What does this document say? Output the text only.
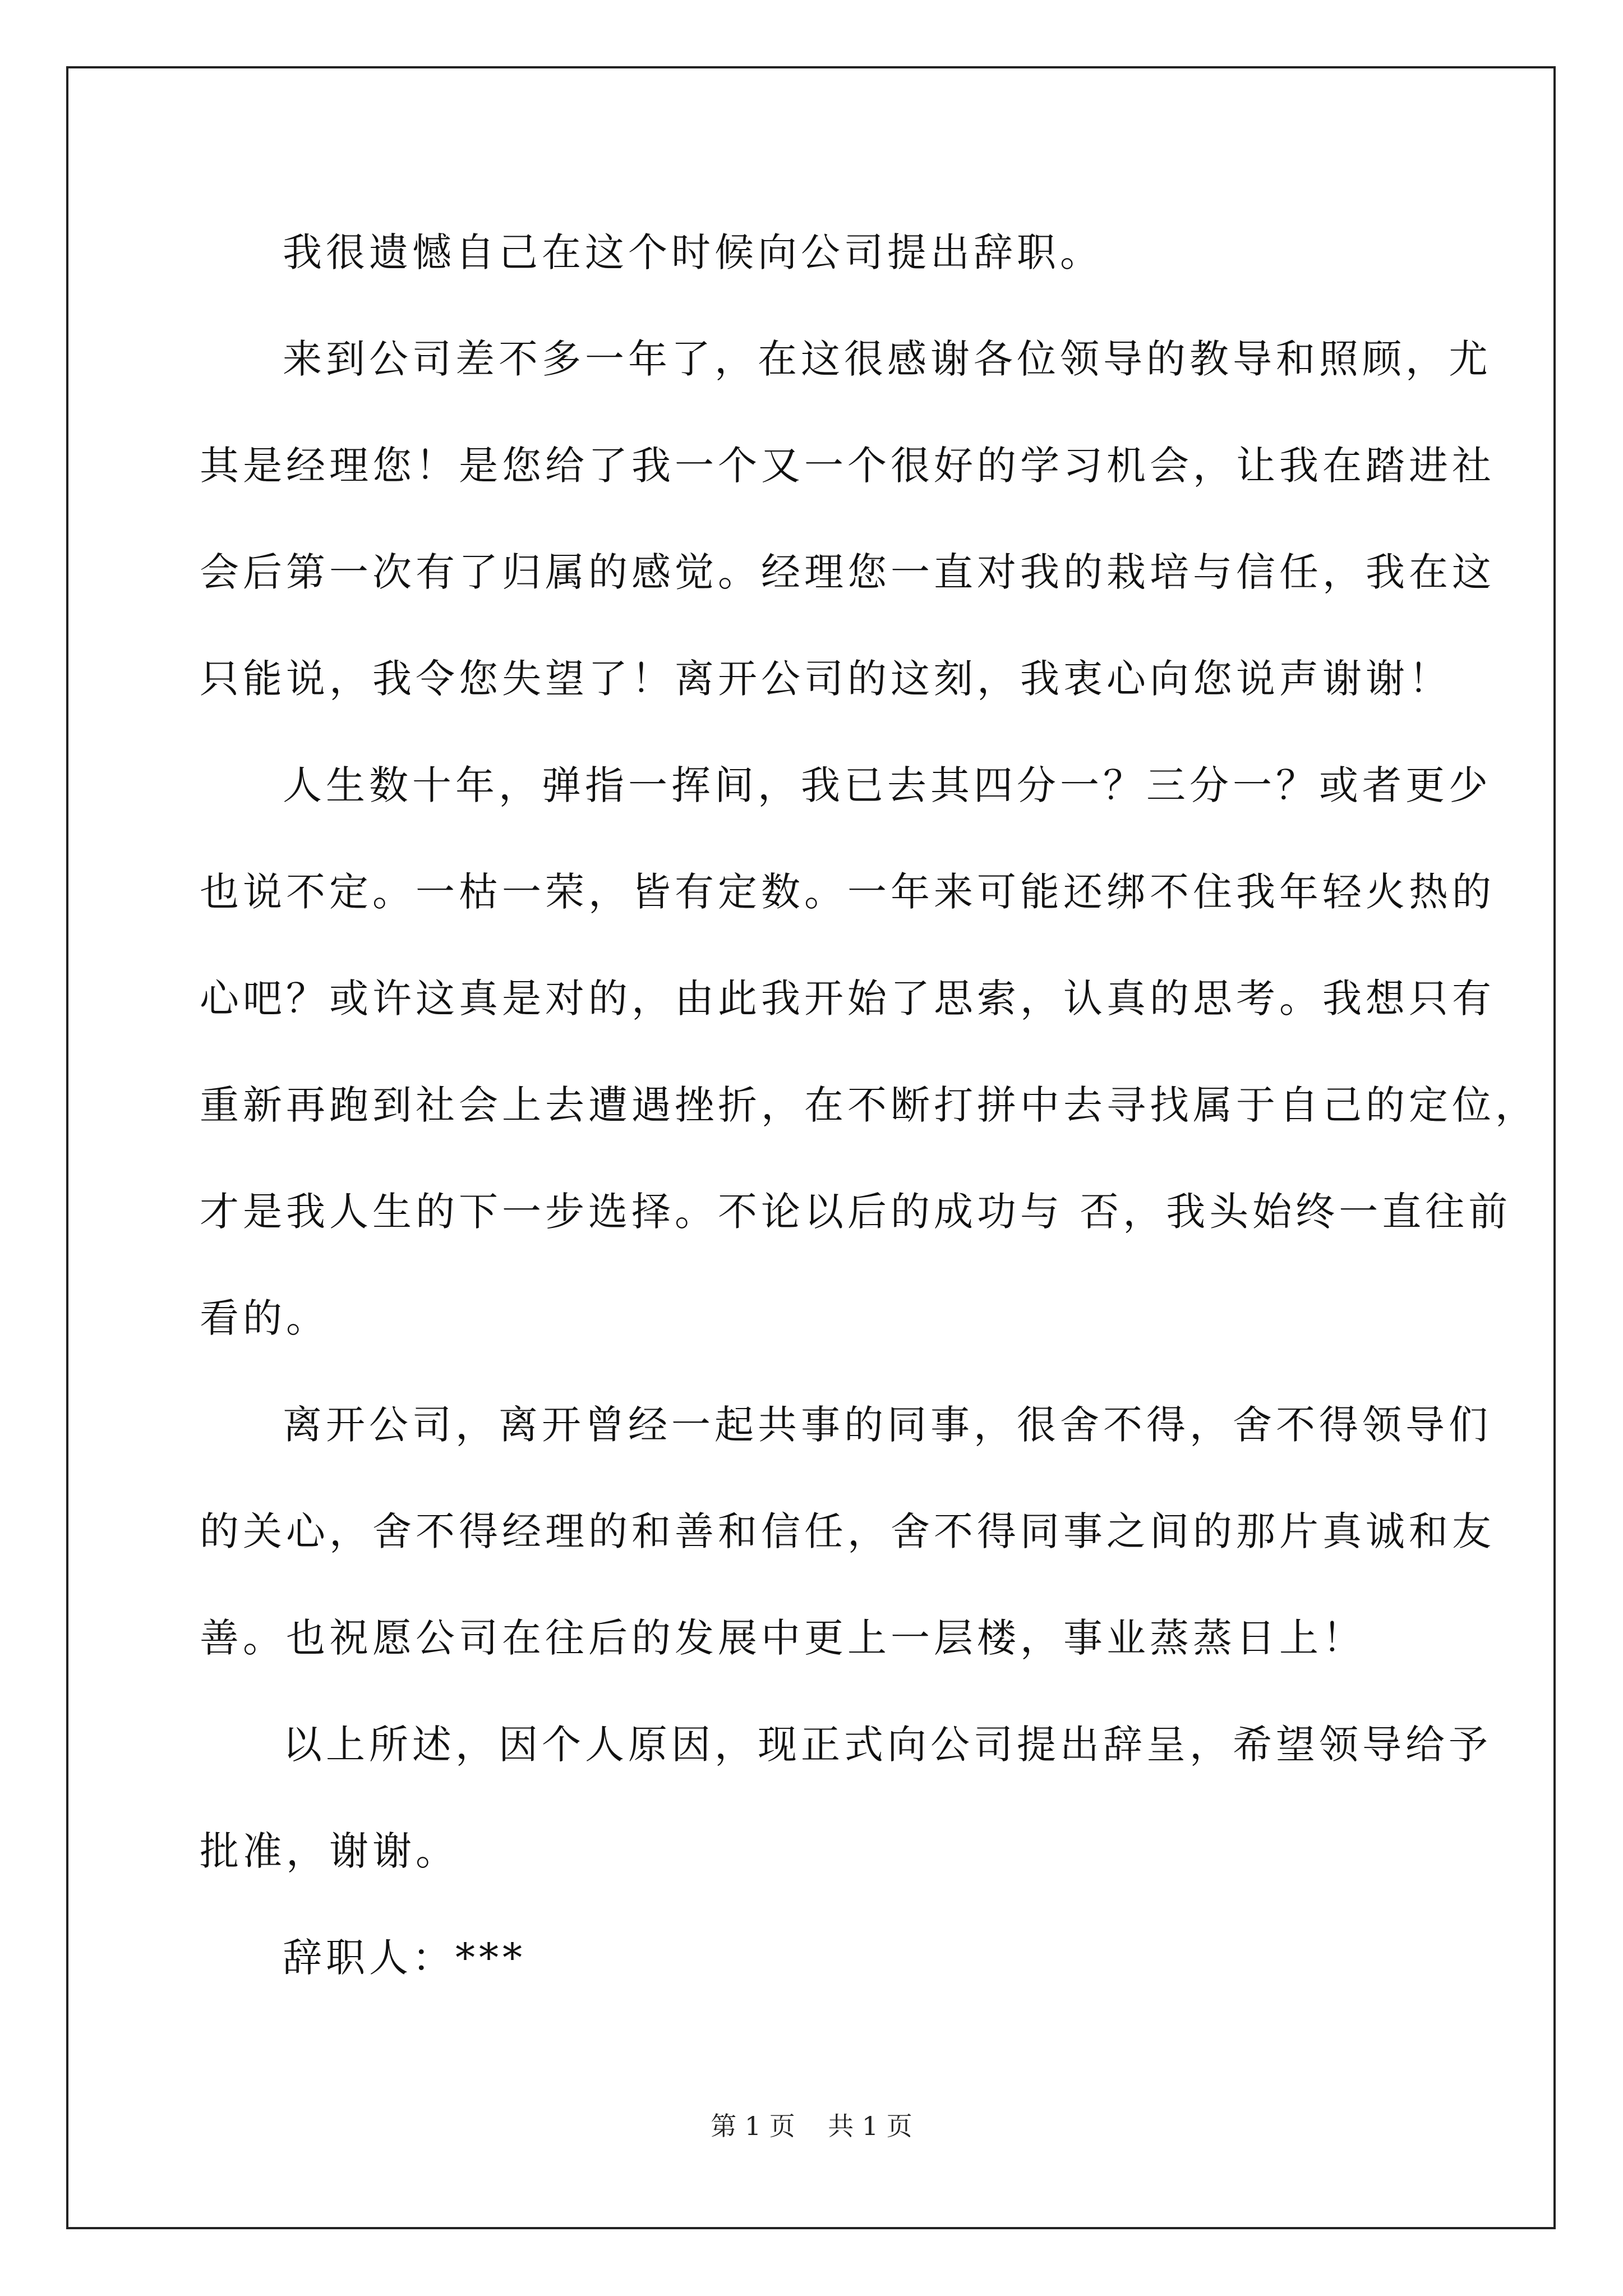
我很遗憾自己在这个时候向公司提出辞职。
来到公司差不多一年了，在这很感谢各位领导的教导和照顾，尤
其是经理您！是您给了我一个又一个很好的学习机会，让我在踏进社
会后第一次有了归属的感觉。经理您一直对我的栽培与信任，我在这
只能说，我令您失望了！离开公司的这刻，我衷心向您说声谢谢！
人生数十年，弹指一挥间，我已去其四分一？三分一？或者更少
也说不定。一枯一荣，皆有定数。一年来可能还绑不住我年轻火热的
心吧？或许这真是对的，由此我开始了思索，认真的思考。我想只有
重新再跑到社会上去遭遇挫折，在不断打拼中去寻找属于自己的定位，
才是我人生的下一步选择。不论以后的成功与 否，我头始终一直往前
看的。
离开公司，离开曾经一起共事的同事，很舍不得，舍不得领导们
的关心，舍不得经理的和善和信任，舍不得同事之间的那片真诚和友
善。也祝愿公司在往后的发展中更上一层楼，事业蒸蒸日上！
以上所述，因个人原因，现正式向公司提出辞呈，希望领导给予
批准，谢谢。
辞职人：***
第 1 页    共 1 页
